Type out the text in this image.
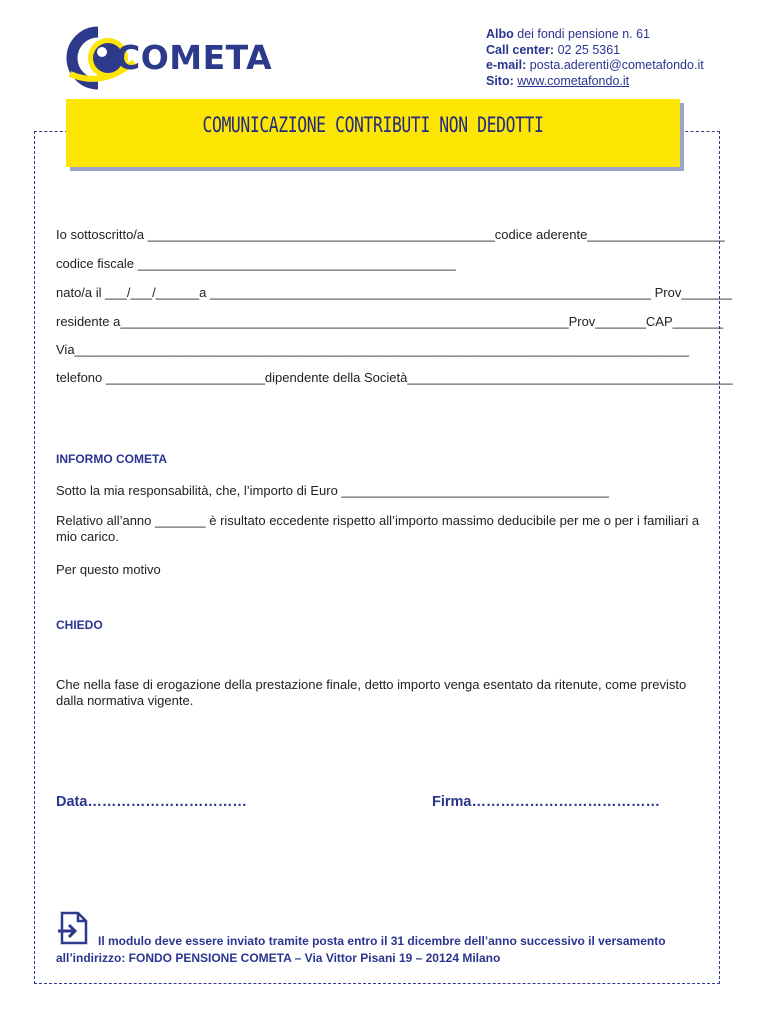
COMETA
Albo dei fondi pensione n. 61
Call center: 02 25 5361
e-mail: posta.aderenti@cometafondo.it
Sito: www.cometafondo.it
COMUNICAZIONE CONTRIBUTI NON DEDOTTI
Io sottoscritto/a ________________________________________________codice aderente___________________
codice fiscale ____________________________________________
nato/a il ___/___/______a _____________________________________________________________ Prov_______
residente a______________________________________________________________Prov_______CAP_______
Via_____________________________________________________________________________________
telefono ______________________dipendente della Società_____________________________________________
INFORMO COMETA
Sotto la mia responsabilità, che, l’importo di Euro _____________________________________
Relativo all’anno _______ è risultato eccedente rispetto all’importo massimo deducibile per me o per i familiari a mio carico.
Per questo motivo
CHIEDO
Che nella fase di erogazione della prestazione finale, detto importo venga esentato da ritenute, come previsto dalla normativa vigente.
Data……………………………	Firma…………………………………
Il modulo deve essere inviato tramite posta entro il 31 dicembre dell’anno successivo il versamento all’indirizzo: FONDO PENSIONE COMETA – Via Vittor Pisani 19 – 20124 Milano
